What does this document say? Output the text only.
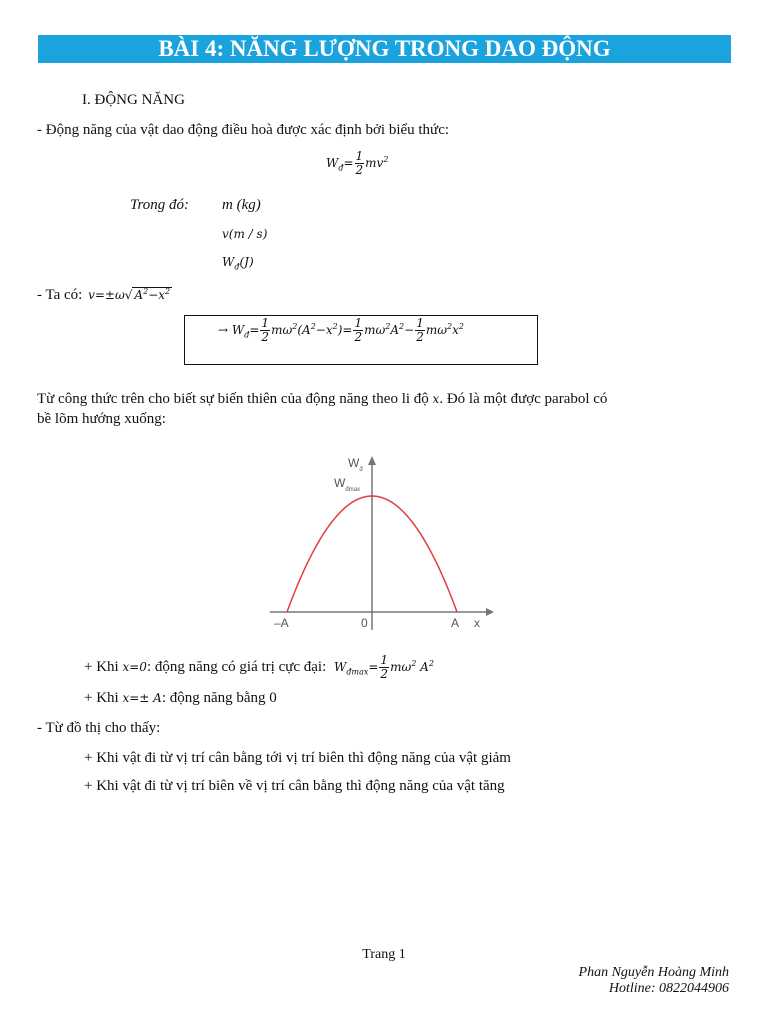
BÀI 4: NĂNG LƯỢNG TRONG DAO ĐỘNG
I. ĐỘNG NĂNG
- Động năng của vật dao động điều hoà được xác định bởi biểu thức:
$W_đ= \frac{1}{2} mv^2$
Trong đó: m (kg)
v(m / s)
$W_đ(J)$
- Ta có: v=±ω√ $A^2-x^2$
→ $W_đ= \frac{1}{2} m\omega^2(A^2-x^2)= \frac{1}{2} m\omega^2A^2- \frac{1}{2} m\omega^2x^2$
Từ công thức trên cho biết sự biến thiên của động năng theo li độ x. Đó là một được parabol có
bề lõm hướng xuống:
$W_đ$
$W_{đmax}$
–A	0	A x
+ Khi x=0: động năng có giá trị cực đại: $W_{đmax}= \frac{1}{2} m\omega^2$ $A^2$
+ Khi x=± A: động năng bằng 0
- Từ đồ thị cho thấy:
+ Khi vật đi từ vị trí cân bằng tới vị trí biên thì động năng của vật giảm
+ Khi vật đi từ vị trí biên về vị trí cân bằng thì động năng của vật tăng
Trang 1
Phan Nguyễn Hoàng Minh
Hotline: 0822044906
